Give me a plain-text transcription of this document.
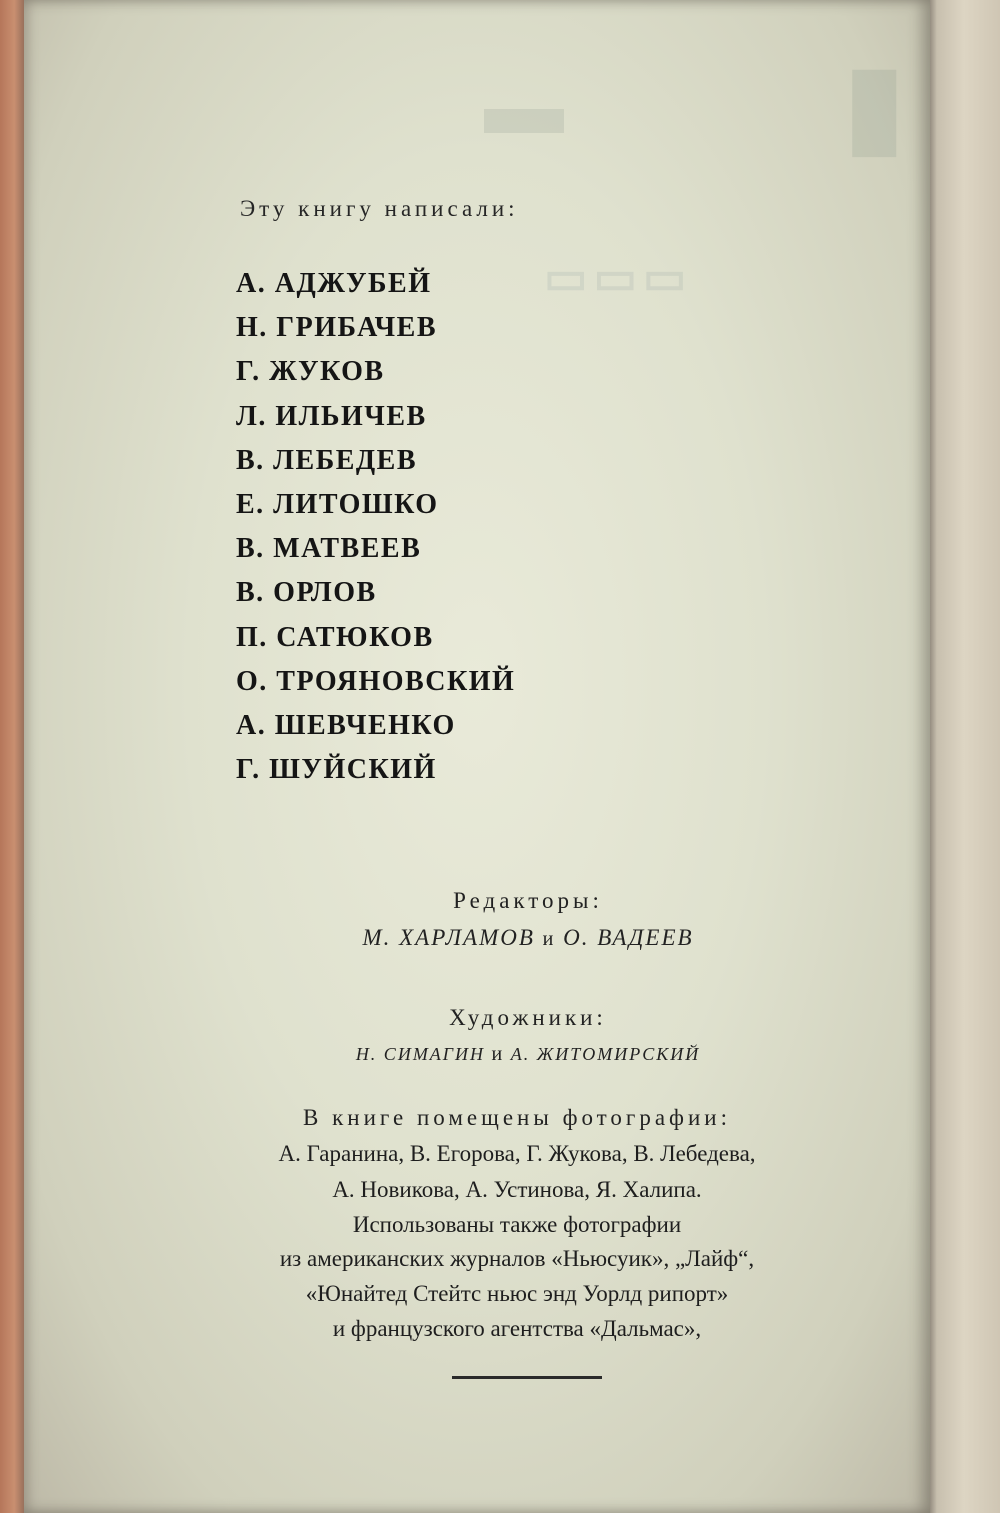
▮
▬
▭▭▭
Эту книгу написали:
А. АДЖУБЕЙ
Н. ГРИБАЧЕВ
Г. ЖУКОВ
Л. ИЛЬИЧЕВ
В. ЛЕБЕДЕВ
Е. ЛИТОШКО
В. МАТВЕЕВ
В. ОРЛОВ
П. САТЮКОВ
О. ТРОЯНОВСКИЙ
А. ШЕВЧЕНКО
Г. ШУЙСКИЙ
Редакторы:
М. ХАРЛАМОВ и О. ВАДЕЕВ
Художники:
Н. СИМАГИН и А. ЖИТОМИРСКИЙ
В книге помещены фотографии:
А. Гаранина, В. Егорова, Г. Жукова, В. Лебедева,
А. Новикова, А. Устинова, Я. Халипа.
Использованы также фотографии
из американских журналов «Ньюсуик», „Лайф“,
«Юнайтед Стейтс ньюс энд Уорлд рипорт»
и французского агентства «Дальмас»,
